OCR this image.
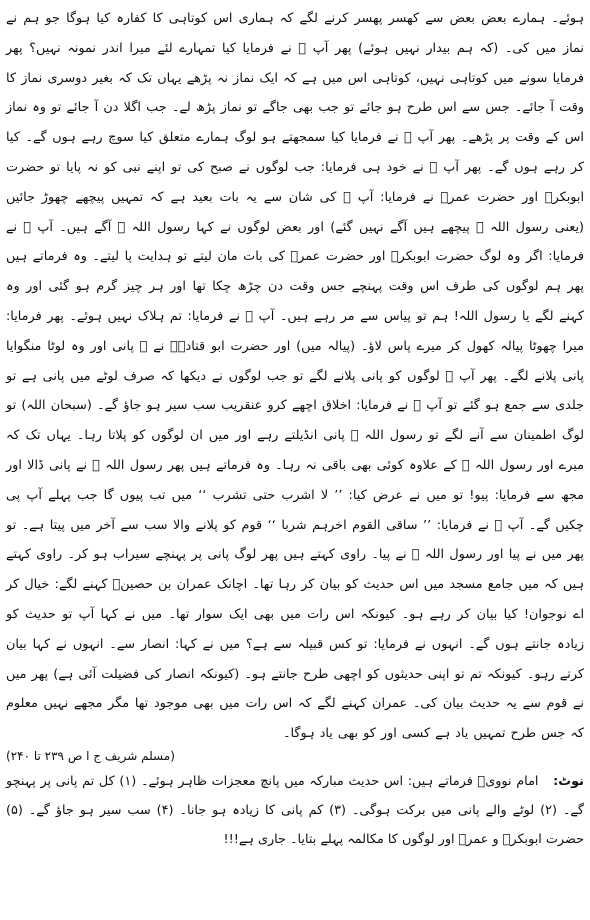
ہوئے۔ ہمارے بعض بعض سے کھسر پھسر کرنے لگے کہ ہماری اس کوتاہی کا کفارہ کیا ہوگا جو ہم نے نماز میں کی۔ (کہ ہم بیدار نہیں ہوئے) پھر آپ ﷺ نے فرمایا کیا تمہارے لئے میرا اندر نمونہ نہیں؟ پھر فرمایا سونے میں کوتاہی نہیں، کوتاہی اس میں ہے کہ ایک نماز نہ پڑھے یہاں تک کہ بغیر دوسری نماز کا وقت آ جائے۔ جس سے اس طرح ہو جائے تو جب بھی جاگے تو نماز پڑھ لے۔ جب اگلا دن آ جائے تو وہ نماز اس کے وقت پر پڑھے۔ پھر آپ ﷺ نے فرمایا کیا سمجھتے ہو لوگ ہمارے متعلق کیا سوچ رہے ہوں گے۔ کیا کر رہے ہوں گے۔ پھر آپ ﷺ نے خود ہی فرمایا: جب لوگوں نے صبح کی تو اپنے نبی کو نہ پایا تو حضرت ابوبکرؓ اور حضرت عمرؓ نے فرمایا: آپ ﷺ کی شان سے یہ بات بعید ہے کہ تمہیں پیچھے چھوڑ جائیں (یعنی رسول اللہ ﷺ پیچھے ہیں آگے نہیں گئے) اور بعض لوگوں نے کہا رسول اللہ ﷺ آگے ہیں۔ آپ ﷺ نے فرمایا: اگر وہ لوگ حضرت ابوبکرؓ اور حضرت عمرؓ کی بات مان لیتے تو ہدایت پا لیتے۔ وہ فرماتے ہیں پھر ہم لوگوں کی طرف اس وقت پہنچے جس وقت دن چڑھ چکا تھا اور ہر چیز گرم ہو گئی اور وہ کہنے لگے یا رسول اللہ! ہم تو پیاس سے مر رہے ہیں۔ آپ ﷺ نے فرمایا: تم ہلاک نہیں ہوئے۔ پھر فرمایا: میرا چھوٹا پیالہ کھول کر میرے پاس لاؤ۔ (پیالہ میں) اور حضرت ابو قتادہؓ نے ﷺ پانی اور وہ لوٹا منگوایا پانی پلانے لگے۔ پھر آپ ﷺ لوگوں کو پانی پلانے لگے تو جب لوگوں نے دیکھا کہ صرف لوٹے میں پانی ہے تو جلدی سے جمع ہو گئے تو آپ ﷺ نے فرمایا: اخلاق اچھے کرو عنقریب سب سیر ہو جاؤ گے۔ (سبحان اللہ) تو لوگ اطمینان سے آنے لگے تو رسول اللہ ﷺ پانی انڈیلتے رہے اور میں ان لوگوں کو پلاتا رہا۔ یہاں تک کہ میرے اور رسول اللہ ﷺ کے علاوہ کوئی بھی باقی نہ رہا۔ وہ فرماتے ہیں پھر رسول اللہ ﷺ نے پانی ڈالا اور مجھ سے فرمایا: پیو! تو میں نے عرض کیا: ’’ لا اشرب حتی تشرب ‘‘ میں تب پیوں گا جب پہلے آپ پی چکیں گے۔ آپ ﷺ نے فرمایا: ’’ ساقی القوم اخرہم شربا ‘‘ قوم کو پلانے والا سب سے آخر میں پیتا ہے۔ تو پھر میں نے پیا اور رسول اللہ ﷺ نے پیا۔ راوی کہتے ہیں پھر لوگ پانی پر پہنچے سیراب ہو کر۔ راوی کہتے ہیں کہ میں جامع مسجد میں اس حدیث کو بیان کر رہا تھا۔ اچانک عمران بن حصینؓ کہنے لگے: خیال کر اے نوجوان! کیا بیان کر رہے ہو۔ کیونکہ اس رات میں بھی ایک سوار تھا۔ میں نے کہا آپ تو حدیث کو زیادہ جانتے ہوں گے۔ انہوں نے فرمایا: تو کس قبیلہ سے ہے؟ میں نے کہا: انصار سے۔ انہوں نے کہا بیان کرتے رہو۔ کیونکہ تم تو اپنی حدیثوں کو اچھی طرح جانتے ہو۔ (کیونکہ انصار کی فضیلت آئی ہے) پھر میں نے قوم سے یہ حدیث بیان کی۔ عمران کہنے لگے کہ اس رات میں بھی موجود تھا مگر مجھے نہیں معلوم کہ جس طرح تمہیں یاد ہے کسی اور کو بھی یاد ہوگا۔

(مسلم شریف ج ا ص ۲۳۹ تا ۲۴۰)
نوٹ: امام نوویؒ فرماتے ہیں: اس حدیث مبارکہ میں پانچ معجزات ظاہر ہوئے۔ (۱) کل تم پانی پر پہنچو گے۔ (۲) لوٹے والے پانی میں برکت ہوگی۔ (۳) کم پانی کا زیادہ ہو جانا۔ (۴) سب سیر ہو جاؤ گے۔ (۵) حضرت ابوبکرؓ و عمرؓ اور لوگوں کا مکالمہ پہلے بتایا۔ جاری ہے!!!
